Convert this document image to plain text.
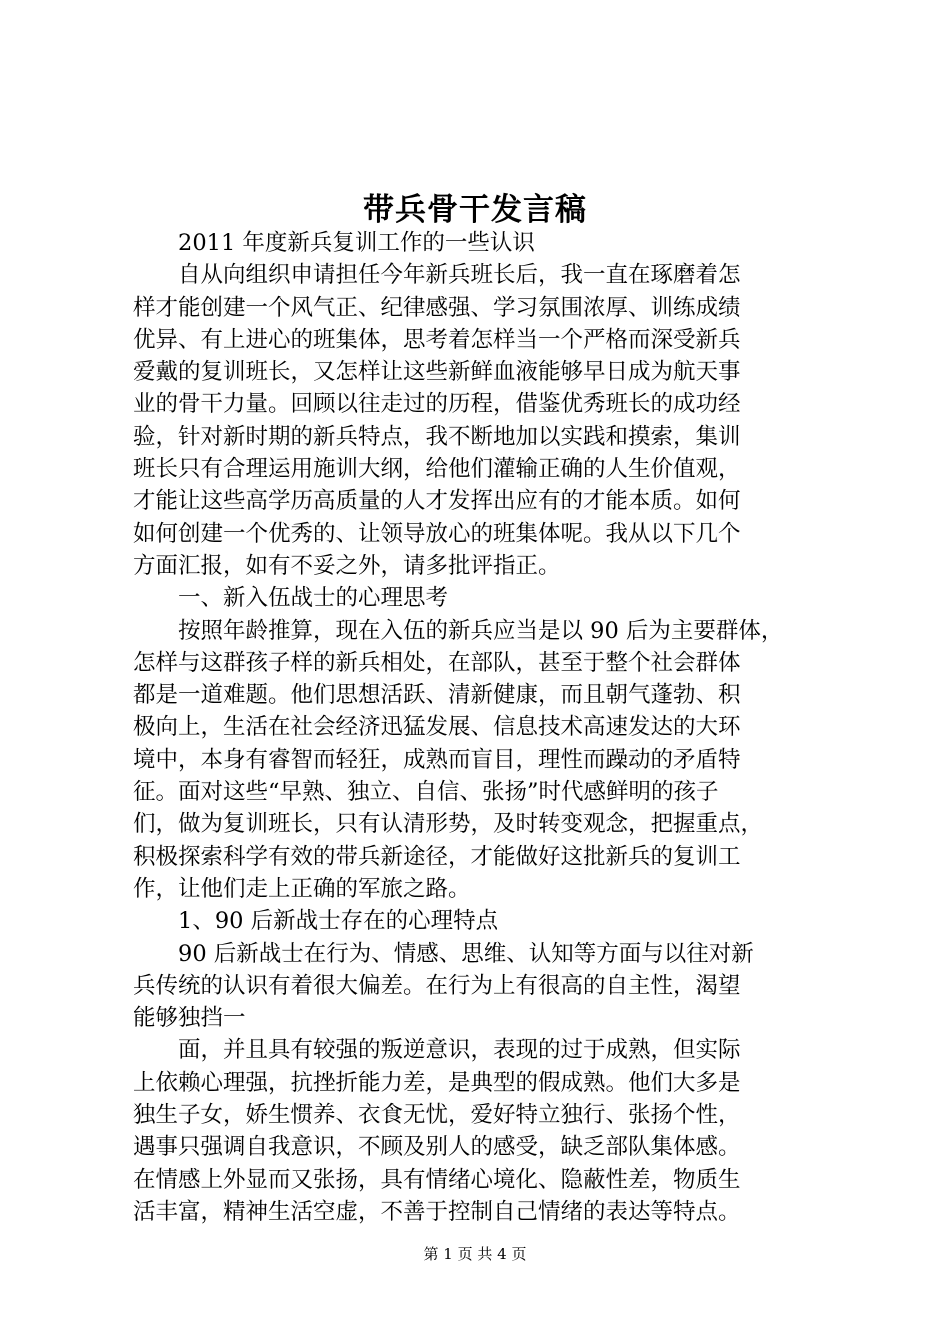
带兵骨干发言稿
2011 年度新兵复训工作的一些认识
自从向组织申请担任今年新兵班长后，我一直在琢磨着怎
样才能创建一个风气正、纪律感强、学习氛围浓厚、训练成绩
优异、有上进心的班集体，思考着怎样当一个严格而深受新兵
爱戴的复训班长，又怎样让这些新鲜血液能够早日成为航天事
业的骨干力量。回顾以往走过的历程，借鉴优秀班长的成功经
验，针对新时期的新兵特点，我不断地加以实践和摸索，集训
班长只有合理运用施训大纲，给他们灌输正确的人生价值观，
才能让这些高学历高质量的人才发挥出应有的才能本质。如何
如何创建一个优秀的、让领导放心的班集体呢。我从以下几个
方面汇报，如有不妥之外，请多批评指正。
一、新入伍战士的心理思考
按照年龄推算，现在入伍的新兵应当是以 90 后为主要群体，
怎样与这群孩子样的新兵相处，在部队，甚至于整个社会群体
都是一道难题。他们思想活跃、清新健康，而且朝气蓬勃、积
极向上，生活在社会经济迅猛发展、信息技术高速发达的大环
境中，本身有睿智而轻狂，成熟而盲目，理性而躁动的矛盾特
征。面对这些“早熟、独立、自信、张扬”时代感鲜明的孩子
们，做为复训班长，只有认清形势，及时转变观念，把握重点，
积极探索科学有效的带兵新途径，才能做好这批新兵的复训工
作，让他们走上正确的军旅之路。
1、90 后新战士存在的心理特点
90 后新战士在行为、情感、思维、认知等方面与以往对新
兵传统的认识有着很大偏差。在行为上有很高的自主性，渴望
能够独挡一
面，并且具有较强的叛逆意识，表现的过于成熟，但实际
上依赖心理强，抗挫折能力差，是典型的假成熟。他们大多是
独生子女，娇生惯养、衣食无忧，爱好特立独行、张扬个性，
遇事只强调自我意识，不顾及别人的感受，缺乏部队集体感。
在情感上外显而又张扬，具有情绪心境化、隐蔽性差，物质生
活丰富，精神生活空虚，不善于控制自己情绪的表达等特点。
第 1 页 共 4 页
